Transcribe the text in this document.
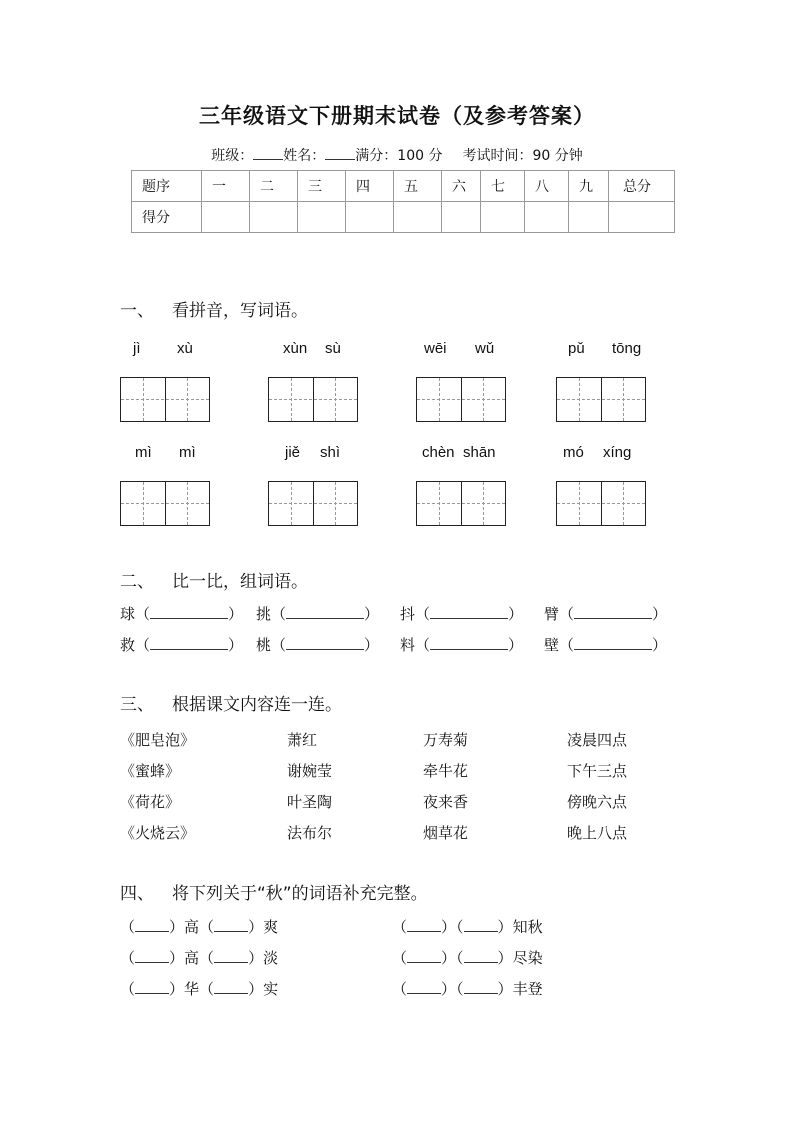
三年级语文下册期末试卷（及参考答案）
班级： 姓名： 满分：100 分 考试时间：90 分钟
题序	一	二	三	四	五	六	七	八	九	总分
得分										
一、 看拼音，写词语。
jì xù	xùn sù	wēi wǔ	pǔ tōng
mì mì	jiě shì	chèn shān	mó xíng
二、 比一比，组词语。
球（	） 挑（	） 抖（	） 臂（	）
救（	） 桃（	） 料（	） 壁（	）
三、 根据课文内容连一连。
《肥皂泡》	萧红	万寿菊	凌晨四点
《蜜蜂》	谢婉莹	牵牛花	下午三点
《荷花》	叶圣陶	夜来香	傍晚六点
《火烧云》	法布尔	烟草花	晚上八点
四、 将下列关于“秋”的词语补充完整。
（ ）高（ ）爽
（ ）高（ ）淡
（ ）华（ ）实
（ ）（ ）知秋
（ ）（ ）尽染
（ ）（ ）丰登
